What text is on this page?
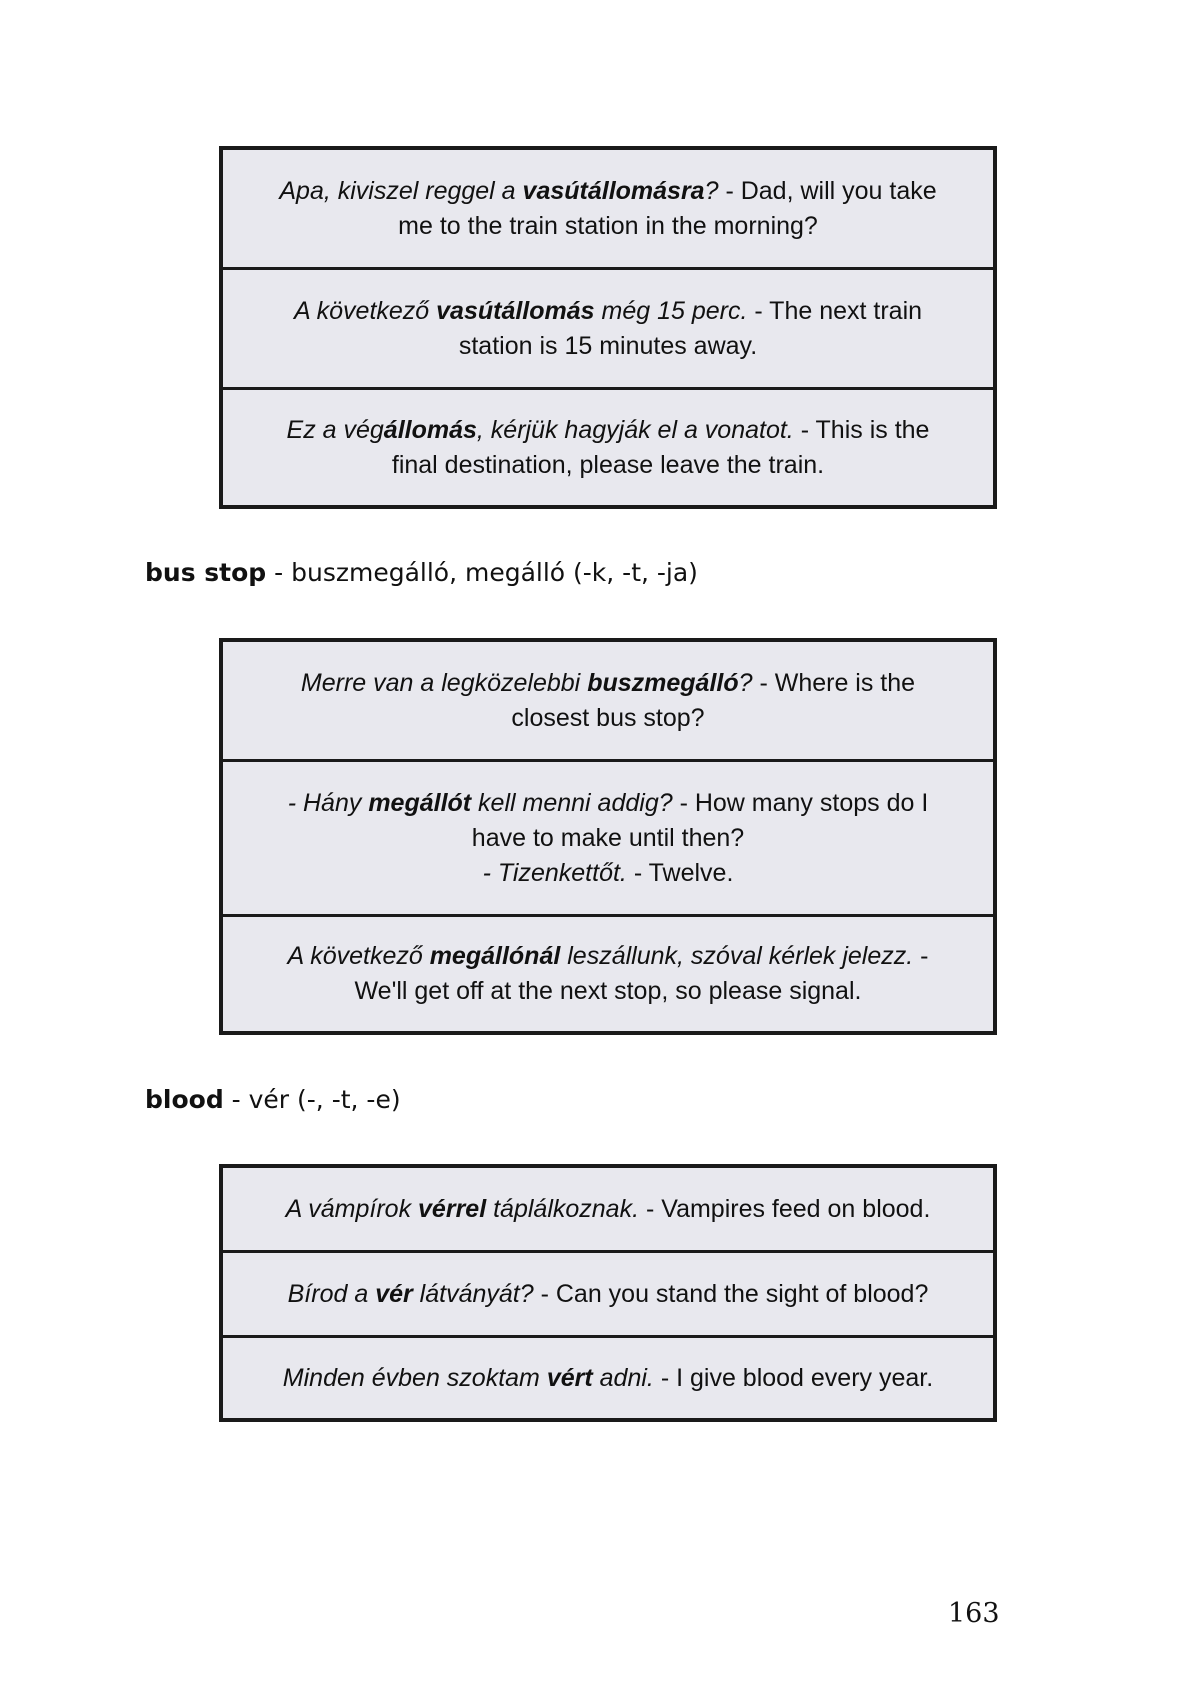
Apa, kiviszel reggel a vasútállomásra? - Dad, will you take
me to the train station in the morning?
A következő vasútállomás még 15 perc. - The next train
station is 15 minutes away.
Ez a végállomás, kérjük hagyják el a vonatot. - This is the
final destination, please leave the train.
bus stop - buszmegálló, megálló (-k, -t, -ja)
Merre van a legközelebbi buszmegálló? - Where is the
closest bus stop?
- Hány megállót kell menni addig? - How many stops do I
have to make until then?
- Tizenkettőt. - Twelve.
A következő megállónál leszállunk, szóval kérlek jelezz. -
We'll get off at the next stop, so please signal.
blood - vér (-, -t, -e)
A vámpírok vérrel táplálkoznak. - Vampires feed on blood.
Bírod a vér látványát? - Can you stand the sight of blood?
Minden évben szoktam vért adni. - I give blood every year.
163
